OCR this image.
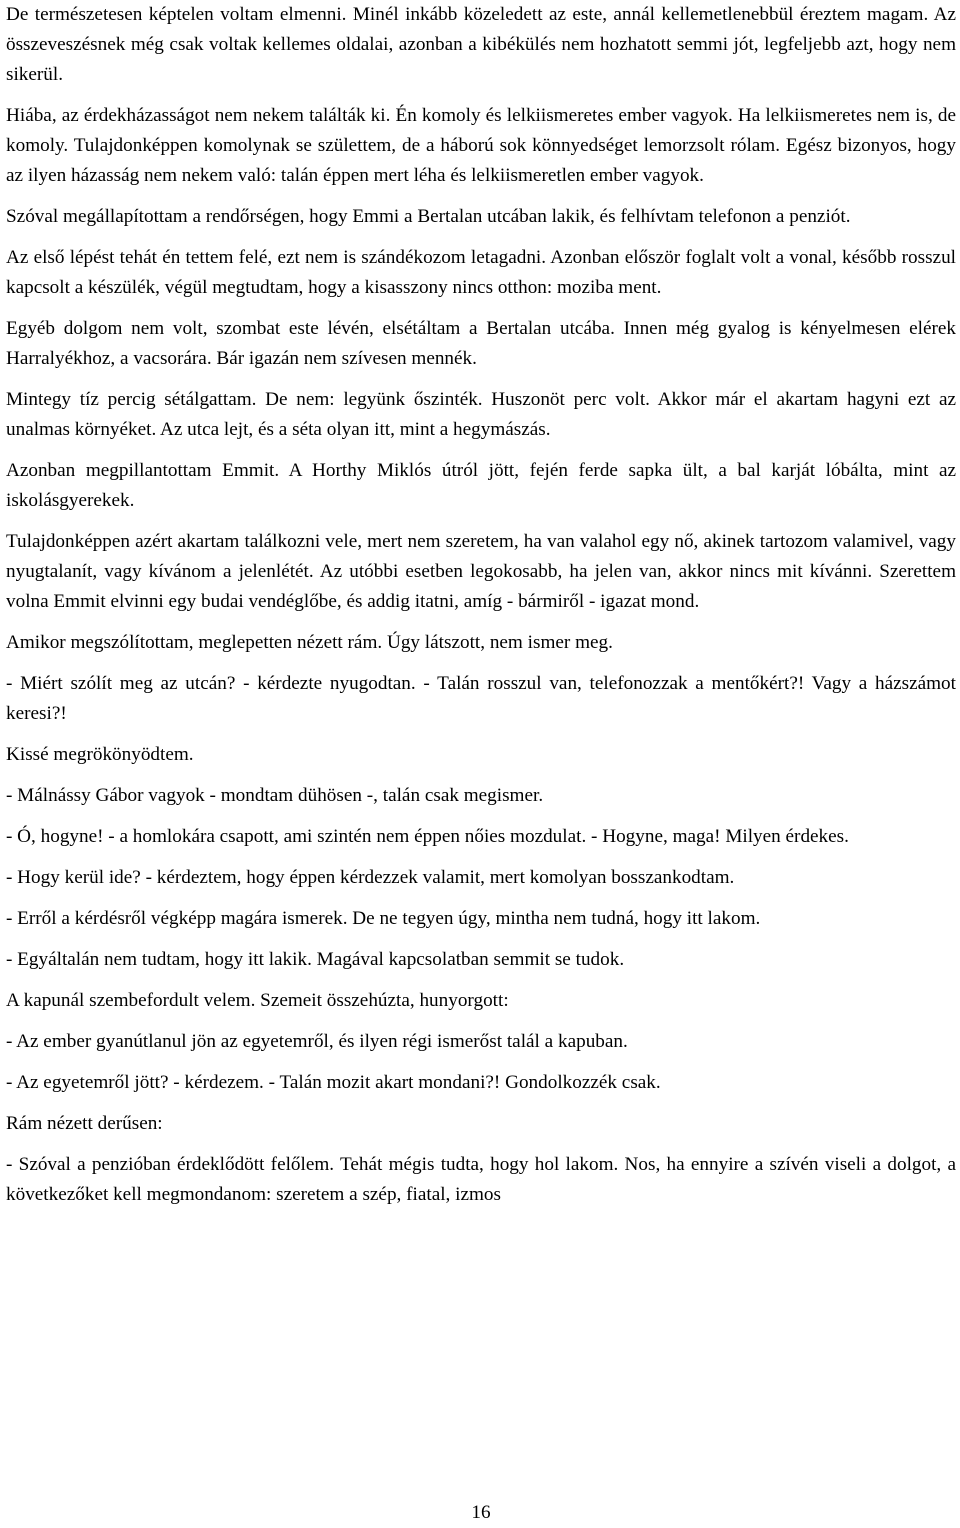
De természetesen képtelen voltam elmenni. Minél inkább közeledett az este, annál kellemetlenebbül éreztem magam. Az összeveszésnek még csak voltak kellemes oldalai, azonban a kibékülés nem hozhatott semmi jót, legfeljebb azt, hogy nem sikerül.

Hiába, az érdekházasságot nem nekem találták ki. Én komoly és lelkiismeretes ember vagyok. Ha lelkiismeretes nem is, de komoly. Tulajdonképpen komolynak se születtem, de a háború sok könnyedséget lemorzsolt rólam. Egész bizonyos, hogy az ilyen házasság nem nekem való: talán éppen mert léha és lelkiismeretlen ember vagyok.

Szóval megállapítottam a rendőrségen, hogy Emmi a Bertalan utcában lakik, és felhívtam telefonon a penziót.

Az első lépést tehát én tettem felé, ezt nem is szándékozom letagadni. Azonban először foglalt volt a vonal, később rosszul kapcsolt a készülék, végül megtudtam, hogy a kisasszony nincs otthon: moziba ment.

Egyéb dolgom nem volt, szombat este lévén, elsétáltam a Bertalan utcába. Innen még gyalog is kényelmesen elérek Harralyékhoz, a vacsorára. Bár igazán nem szívesen mennék.

Mintegy tíz percig sétálgattam. De nem: legyünk őszinték. Huszonöt perc volt. Akkor már el akartam hagyni ezt az unalmas környéket. Az utca lejt, és a séta olyan itt, mint a hegymászás.

Azonban megpillantottam Emmit. A Horthy Miklós útról jött, fején ferde sapka ült, a bal karját lóbálta, mint az iskolásgyerekek.

Tulajdonképpen azért akartam találkozni vele, mert nem szeretem, ha van valahol egy nő, akinek tartozom valamivel, vagy nyugtalanít, vagy kívánom a jelenlétét. Az utóbbi esetben legokosabb, ha jelen van, akkor nincs mit kívánni. Szerettem volna Emmit elvinni egy budai vendéglőbe, és addig itatni, amíg - bármiről - igazat mond.

Amikor megszólítottam, meglepetten nézett rám. Úgy látszott, nem ismer meg.

- Miért szólít meg az utcán? - kérdezte nyugodtan. - Talán rosszul van, telefonozzak a mentőkért?! Vagy a házszámot keresi?!

Kissé megrökönyödtem.

- Málnássy Gábor vagyok - mondtam dühösen -, talán csak megismer.

- Ó, hogyne! - a homlokára csapott, ami szintén nem éppen nőies mozdulat. - Hogyne, maga! Milyen érdekes.

- Hogy kerül ide? - kérdeztem, hogy éppen kérdezzek valamit, mert komolyan bosszankodtam.

- Erről a kérdésről végképp magára ismerek. De ne tegyen úgy, mintha nem tudná, hogy itt lakom.

- Egyáltalán nem tudtam, hogy itt lakik. Magával kapcsolatban semmit se tudok.

A kapunál szembefordult velem. Szemeit összehúzta, hunyorgott:

- Az ember gyanútlanul jön az egyetemről, és ilyen régi ismerőst talál a kapuban.

- Az egyetemről jött? - kérdezem. - Talán mozit akart mondani?! Gondolkozzék csak.

Rám nézett derűsen:

- Szóval a penzióban érdeklődött felőlem. Tehát mégis tudta, hogy hol lakom. Nos, ha ennyire a szívén viseli a dolgot, a következőket kell megmondanom: szeretem a szép, fiatal, izmos

16
